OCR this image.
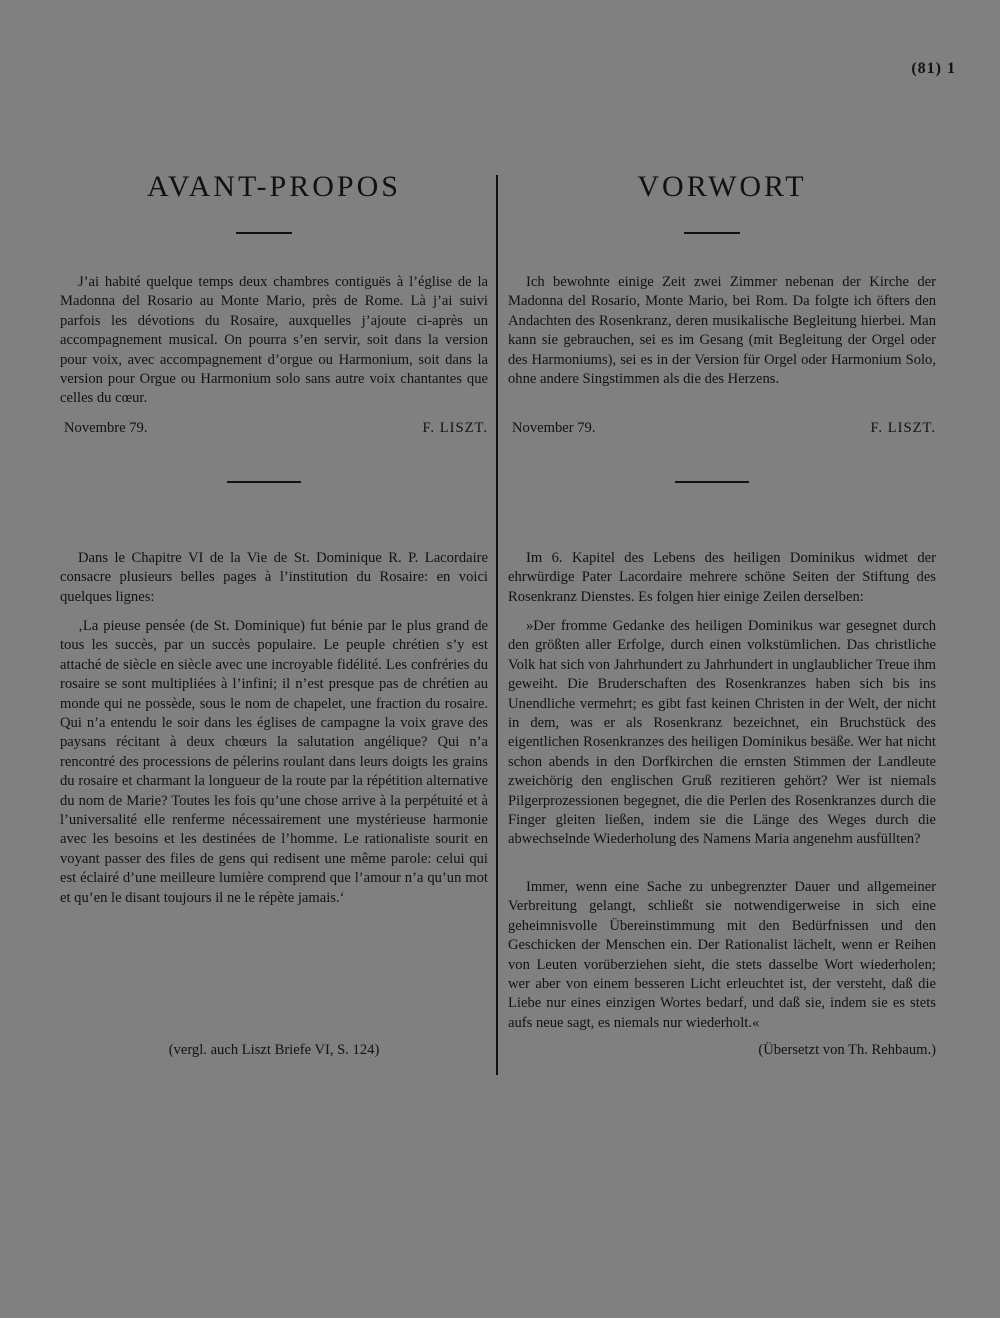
(81) 1
AVANT-PROPOS

J’ai habité quelque temps deux chambres contiguës à l’église de la Madonna del Rosario au Monte Mario, près de Rome. Là j’ai suivi parfois les dévotions du Rosaire, auxquelles j’ajoute ci-après un accompagnement musical. On pourra s’en servir, soit dans la version pour voix, avec accompagnement d’orgue ou Harmonium, soit dans la version pour Orgue ou Harmonium solo sans autre voix chantantes que celles du cœur.

Novembre 79.	F. LISZT.

Dans le Chapitre VI de la Vie de St. Dominique R. P. Lacordaire consacre plusieurs belles pages à l’institution du Rosaire: en voici quelques lignes:

‚La pieuse pensée (de St. Dominique) fut bénie par le plus grand de tous les succès, par un succès populaire. Le peuple chrétien s’y est attaché de siècle en siècle avec une incroyable fidélité. Les confréries du rosaire se sont multipliées à l’infini; il n’est presque pas de chrétien au monde qui ne possède, sous le nom de chapelet, une fraction du rosaire. Qui n’a entendu le soir dans les églises de campagne la voix grave des paysans récitant à deux chœurs la salutation angélique? Qui n’a rencontré des processions de pélerins roulant dans leurs doigts les grains du rosaire et charmant la longueur de la route par la répétition alternative du nom de Marie? Toutes les fois qu’une chose arrive à la perpétuité et à l’universalité elle renferme nécessairement une mystérieuse harmonie avec les besoins et les destinées de l’homme. Le rationaliste sourit en voyant passer des files de gens qui redisent une même parole: celui qui est éclairé d’une meilleure lumière comprend que l’amour n’a qu’un mot et qu’en le disant toujours il ne le répète jamais.‘

(vergl. auch Liszt Briefe VI, S. 124)
VORWORT

Ich bewohnte einige Zeit zwei Zimmer nebenan der Kirche der Madonna del Rosario, Monte Mario, bei Rom. Da folgte ich öfters den Andachten des Rosenkranz, deren musikalische Begleitung hierbei. Man kann sie gebrauchen, sei es im Gesang (mit Begleitung der Orgel oder des Harmoniums), sei es in der Version für Orgel oder Harmonium Solo, ohne andere Singstimmen als die des Herzens.

November 79.	F. LISZT.

Im 6. Kapitel des Lebens des heiligen Dominikus widmet der ehrwürdige Pater Lacordaire mehrere schöne Seiten der Stiftung des Rosenkranz Dienstes. Es folgen hier einige Zeilen derselben:

»Der fromme Gedanke des heiligen Dominikus war gesegnet durch den größten aller Erfolge, durch einen volkstümlichen. Das christliche Volk hat sich von Jahrhundert zu Jahrhundert in unglaublicher Treue ihm geweiht. Die Bruderschaften des Rosenkranzes haben sich bis ins Unendliche vermehrt; es gibt fast keinen Christen in der Welt, der nicht in dem, was er als Rosenkranz bezeichnet, ein Bruchstück des eigentlichen Rosenkranzes des heiligen Dominikus besäße. Wer hat nicht schon abends in den Dorfkirchen die ernsten Stimmen der Landleute zweichörig den englischen Gruß rezitieren gehört? Wer ist niemals Pilgerprozessionen begegnet, die die Perlen des Rosenkranzes durch die Finger gleiten ließen, indem sie die Länge des Weges durch die abwechselnde Wiederholung des Namens Maria angenehm ausfüllten?

Immer, wenn eine Sache zu unbegrenzter Dauer und allgemeiner Verbreitung gelangt, schließt sie notwendigerweise in sich eine geheimnisvolle Übereinstimmung mit den Bedürfnissen und den Geschicken der Menschen ein. Der Rationalist lächelt, wenn er Reihen von Leuten vorüberziehen sieht, die stets dasselbe Wort wiederholen; wer aber von einem besseren Licht erleuchtet ist, der versteht, daß die Liebe nur eines einzigen Wortes bedarf, und daß sie, indem sie es stets aufs neue sagt, es niemals nur wiederholt.«

(Übersetzt von Th. Rehbaum.)
